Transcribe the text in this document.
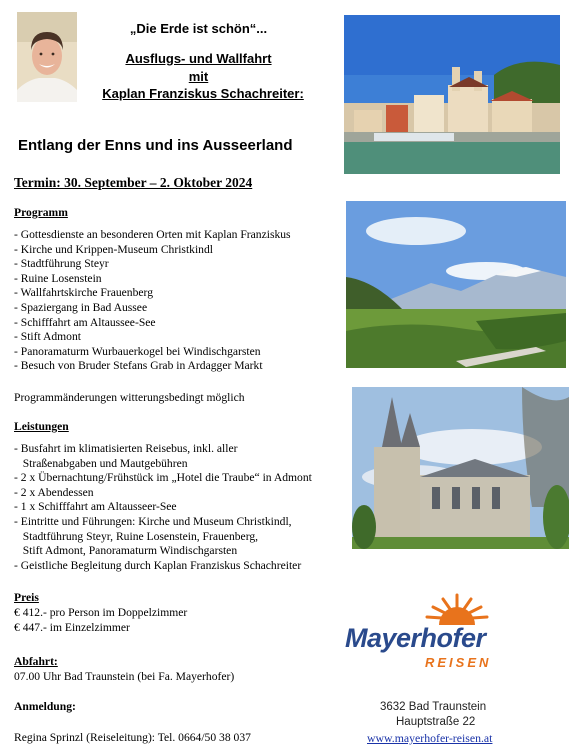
„Die Erde ist schön“...
Ausflugs- und Wallfahrt
mit
Kaplan Franziskus Schachreiter:
Entlang der Enns und ins Ausseerland
Termin: 30. September – 2. Oktober 2024
Programm
- Gottesdienste an besonderen Orten mit Kaplan Franziskus
- Kirche und Krippen-Museum Christkindl
- Stadtführung Steyr
- Ruine Losenstein
- Wallfahrtskirche Frauenberg
- Spaziergang in Bad Aussee
- Schifffahrt am Altaussee-See
- Stift Admont
- Panoramaturm Wurbauerkogel bei Windischgarsten
- Besuch von Bruder Stefans Grab in Ardagger Markt
Programmänderungen witterungsbedingt möglich
Leistungen
- Busfahrt im klimatisierten Reisebus, inkl. aller
Straßenabgaben und Mautgebühren
- 2 x Übernachtung/Frühstück im „Hotel die Traube“ in Admont
- 2 x Abendessen
- 1 x Schifffahrt am Altausseer-See
- Eintritte und Führungen: Kirche und Museum Christkindl,
Stadtführung Steyr, Ruine Losenstein, Frauenberg,
Stift Admont, Panoramaturm Windischgarsten
- Geistliche Begleitung durch Kaplan Franziskus Schachreiter
Preis
€ 412.- pro Person im Doppelzimmer
€ 447.- im Einzelzimmer	Mayerhofer
REISEN
Abfahrt:
07.00 Uhr Bad Traunstein (bei Fa. Mayerhofer)
Anmeldung:
Regina Sprinzl (Reiseleitung): Tel. 0664/50 38 037
3632 Bad Traunstein
Hauptstraße 22
www.mayerhofer-reisen.at
